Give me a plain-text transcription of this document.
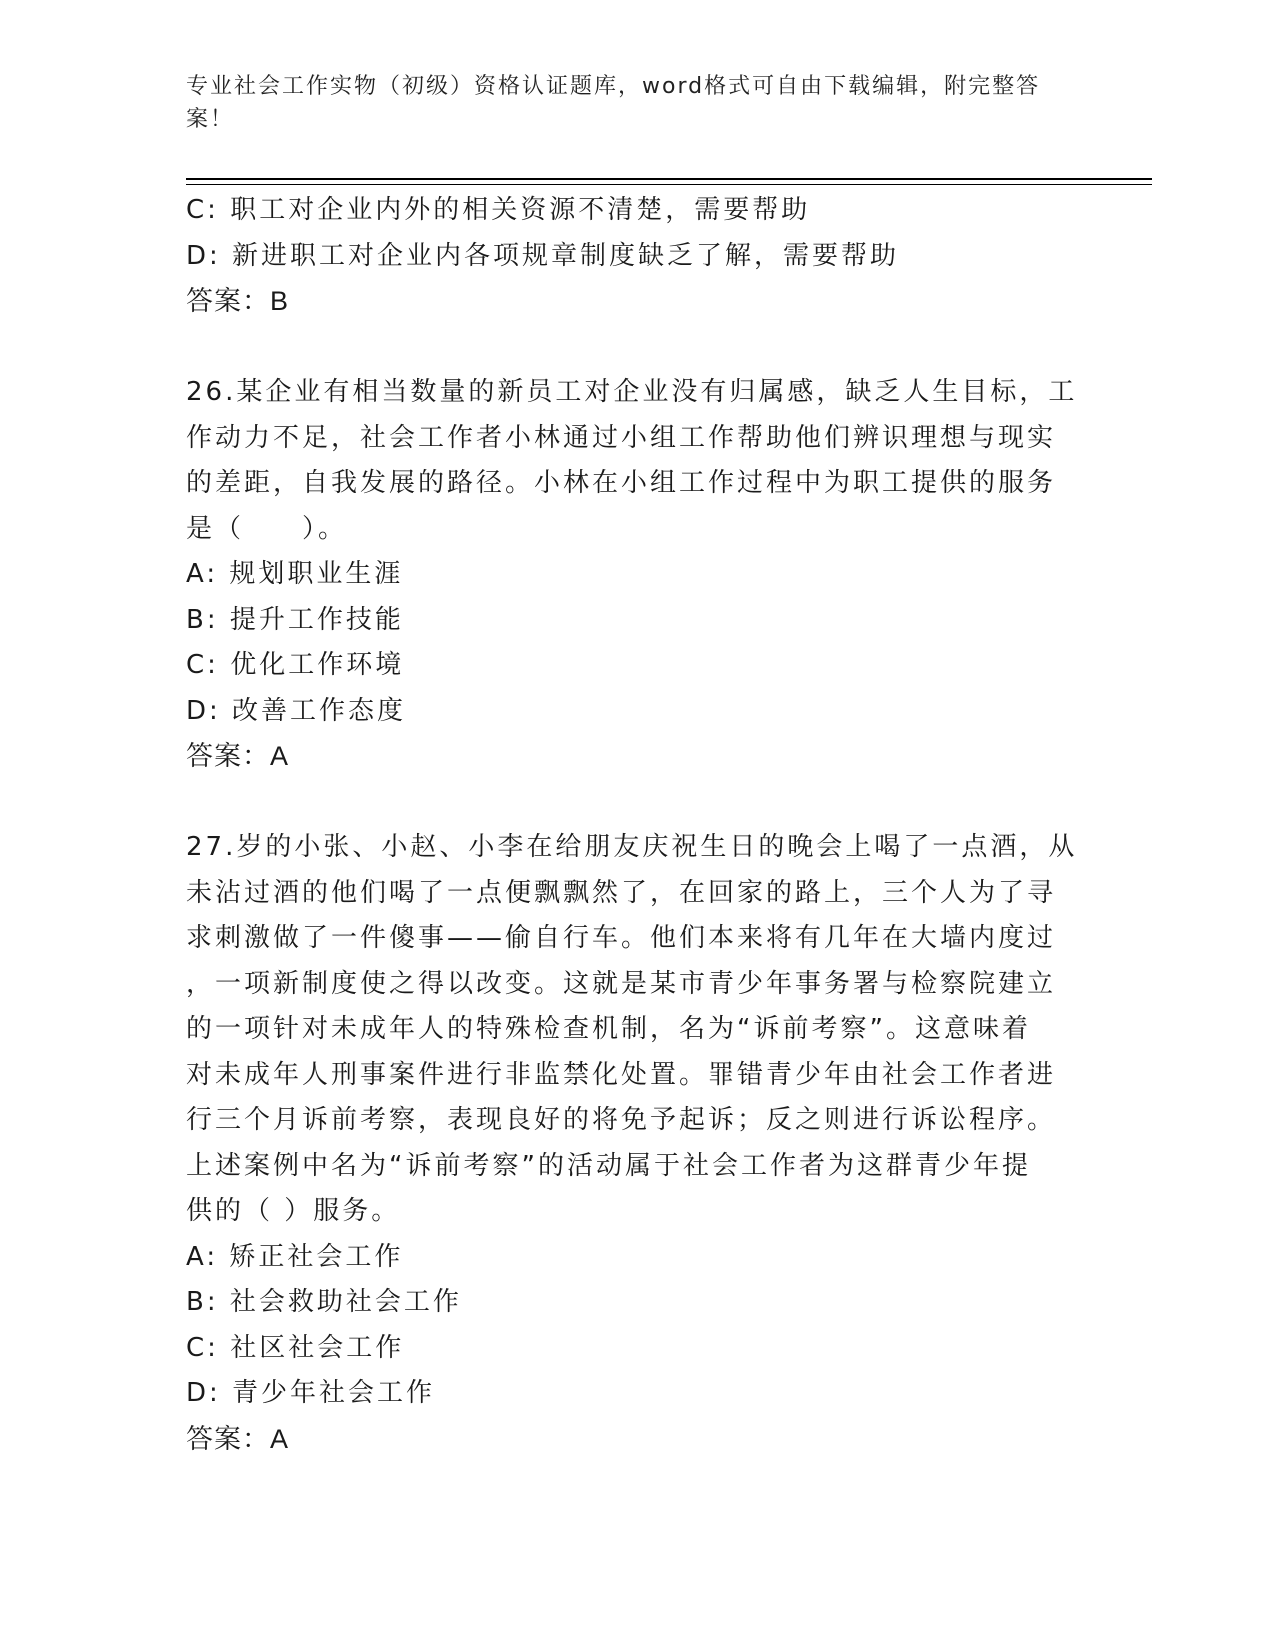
专业社会工作实物（初级）资格认证题库，word格式可自由下载编辑，附完整答案！
C: 职工对企业内外的相关资源不清楚，需要帮助
D: 新进职工对企业内各项规章制度缺乏了解，需要帮助
答案：B
26.某企业有相当数量的新员工对企业没有归属感，缺乏人生目标，工
作动力不足，社会工作者小林通过小组工作帮助他们辨识理想与现实
的差距，自我发展的路径。小林在小组工作过程中为职工提供的服务
是（　　）。
A: 规划职业生涯
B: 提升工作技能
C: 优化工作环境
D: 改善工作态度
答案：A
27.岁的小张、小赵、小李在给朋友庆祝生日的晚会上喝了一点酒，从
未沾过酒的他们喝了一点便飘飘然了，在回家的路上，三个人为了寻
求刺激做了一件傻事——偷自行车。他们本来将有几年在大墙内度过
，一项新制度使之得以改变。这就是某市青少年事务署与检察院建立
的一项针对未成年人的特殊检查机制，名为“诉前考察”。这意味着
对未成年人刑事案件进行非监禁化处置。罪错青少年由社会工作者进
行三个月诉前考察，表现良好的将免予起诉；反之则进行诉讼程序。
上述案例中名为“诉前考察”的活动属于社会工作者为这群青少年提
供的（ ）服务。
A: 矫正社会工作
B: 社会救助社会工作
C: 社区社会工作
D: 青少年社会工作
答案：A
